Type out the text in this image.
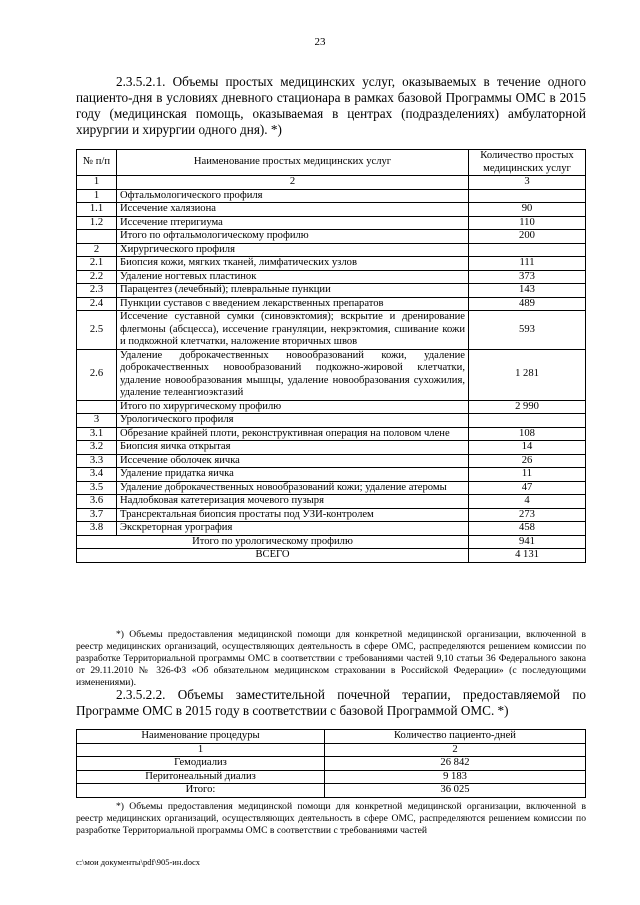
23
2.3.5.2.1. Объемы простых медицинских услуг, оказываемых в течение одного пациенто-дня в условиях дневного стационара в рамках базовой Программы ОМС в 2015 году (медицинская помощь, оказываемая в центрах (подразделениях) амбулаторной хирургии и хирургии одного дня). *)
№ п/п	Наименование простых медицинских услуг	Количество простых медицинских услуг
1	2	3
1	Офтальмологического профиля	
1.1	Иссечение халязиона	90
1.2	Иссечение птеригиума	110
	Итого по офтальмологическому профилю	200
2	Хирургического профиля	
2.1	Биопсия кожи, мягких тканей, лимфатических узлов	111
2.2	Удаление ногтевых пластинок	373
2.3	Парацентез (лечебный); плевральные пункции	143
2.4	Пункции суставов с введением лекарственных препаратов	489
2.5	Иссечение суставной сумки (синовэктомия); вскрытие и дренирование флегмоны (абсцесса), иссечение грануляции, некрэктомия, сшивание кожи и подкожной клетчатки, наложение вторичных швов	593
2.6	Удаление доброкачественных новообразований кожи, удаление доброкачественных новообразований подкожно-жировой клетчатки, удаление новообразования мышцы, удаление новообразования сухожилия, удаление телеангиоэктазий	1 281
	Итого по хирургическому профилю	2 990
3	Урологического профиля	
3.1	Обрезание крайней плоти, реконструктивная операция на половом члене	108
3.2	Биопсия яичка открытая	14
3.3	Иссечение оболочек яичка	26
3.4	Удаление придатка яичка	11
3.5	Удаление доброкачественных новообразований кожи; удаление атеромы	47
3.6	Надлобковая катетеризация мочевого пузыря	4
3.7	Трансректальная биопсия простаты под УЗИ-контролем	273
3.8	Экскреторная урография	458
Итого по урологическому профилю		941
ВСЕГО		4 131
*) Объемы предоставления медицинской помощи для конкретной медицинской организации, включенной в реестр медицинских организаций, осуществляющих деятельность в сфере ОМС, распределяются решением комиссии по разработке Территориальной программы ОМС в соответствии с требованиями частей 9,10 статьи 36 Федерального закона от 29.11.2010 № 326-ФЗ «Об обязательном медицинском страховании в Российской Федерации» (с последующими изменениями).
2.3.5.2.2. Объемы заместительной почечной терапии, предоставляемой по Программе ОМС в 2015 году в соответствии с базовой Программой ОМС. *)
Наименование процедуры	Количество пациенто-дней
1	2
Гемодиализ	26 842
Перитонеальный диализ	9 183
Итого:	36 025
*) Объемы предоставления медицинской помощи для конкретной медицинской организации, включенной в реестр медицинских организаций, осуществляющих деятельность в сфере ОМС, распределяются решением комиссии по разработке Территориальной программы ОМС в соответствии с требованиями частей
c:\мои документы\pdf\905-ин.docx
